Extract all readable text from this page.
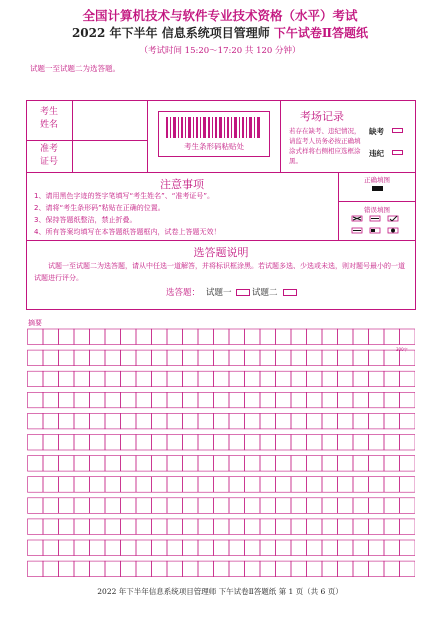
全国计算机技术与软件专业技术资格（水平）考试
2022 年下半年 信息系统项目管理师 下午试卷Ⅱ答题纸
（考试时间 15:20～17:20 共 120 分钟）
试题一至试题二为选答题。
考生
姓名
准考
证号
考生条形码粘贴处
考场记录
若存在缺考、违纪情况，请监考人员务必按正确填涂式样将右侧相应选框涂黑。
缺考
违纪
注意事项
1、请用黑色字迹的签字笔填写“考生姓名”、“准考证号”。
2、请将“考生条形码”粘贴在正确的位置。
3、保持答题纸整洁，禁止折叠。
4、所有答案均填写在本答题纸答题框内，试卷上答题无效！
正确填图
错误填图
选答题说明
试题一至试题二为选答题，请从中任选一道解答，并将标识框涂黑。若试题多选、少选或未选，则对题号最小的一道试题进行评分。
选答题： 试题一 试题二
摘要
300字
2022 年下半年信息系统项目管理师 下午试卷Ⅱ答题纸 第 1 页（共 6 页）
